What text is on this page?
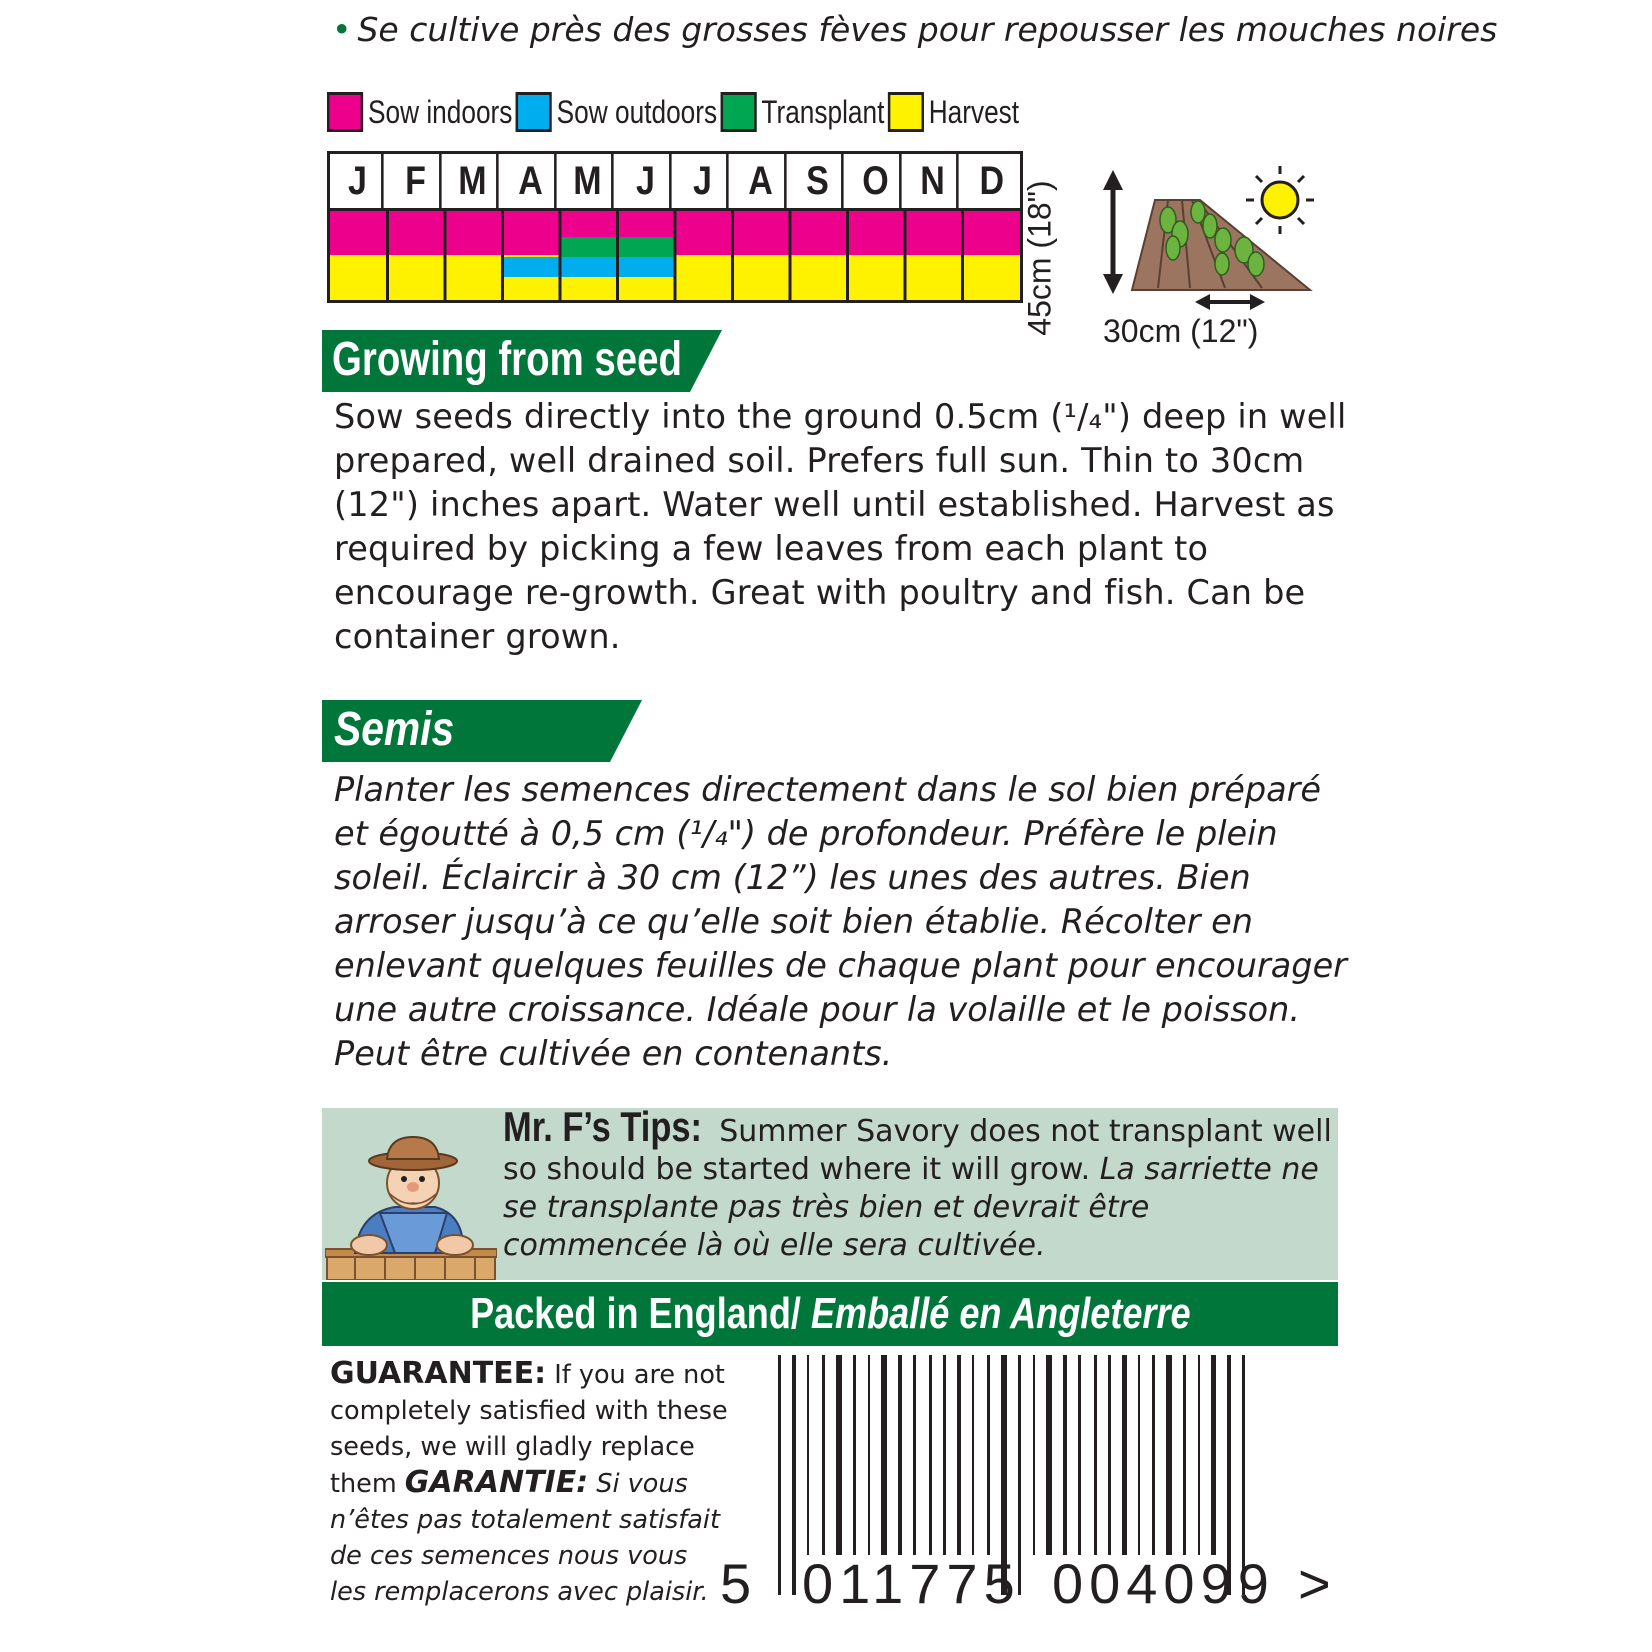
• Se cultive près des grosses fèves pour repousser les mouches noires
Sow indoors Sow outdoors Transplant Harvest
J F M A M J J A S O N D 45cm (18") 30cm (12")
Growing from seed

Sow seeds directly into the ground 0.5cm (¹/₄") deep in well prepared, well drained soil. Prefers full sun. Thin to 30cm (12") inches apart. Water well until established. Harvest as required by picking a few leaves from each plant to encourage re-growth. Great with poultry and fish. Can be container grown.

Semis

Planter les semences directement dans le sol bien préparé et égoutté à 0,5 cm (¹/₄") de profondeur. Préfère le plein soleil. Éclaircir à 30 cm (12”) les unes des autres. Bien arroser jusqu’à ce qu’elle soit bien établie. Récolter en enlevant quelques feuilles de chaque plant pour encourager une autre croissance. Idéale pour la volaille et le poisson. Peut être cultivée en contenants.

Mr. F’s Tips: Summer Savory does not transplant well so should be started where it will grow. La sarriette ne se transplante pas très bien et devrait être commencée là où elle sera cultivée.
Packed in England/ Emballé en Angleterre
GUARANTEE: If you are not completely satisfied with these seeds, we will gladly replace them GARANTIE: Si vous n’êtes pas totalement satisfait de ces semences nous vous les remplacerons avec plaisir. 5 011775 004099 >
